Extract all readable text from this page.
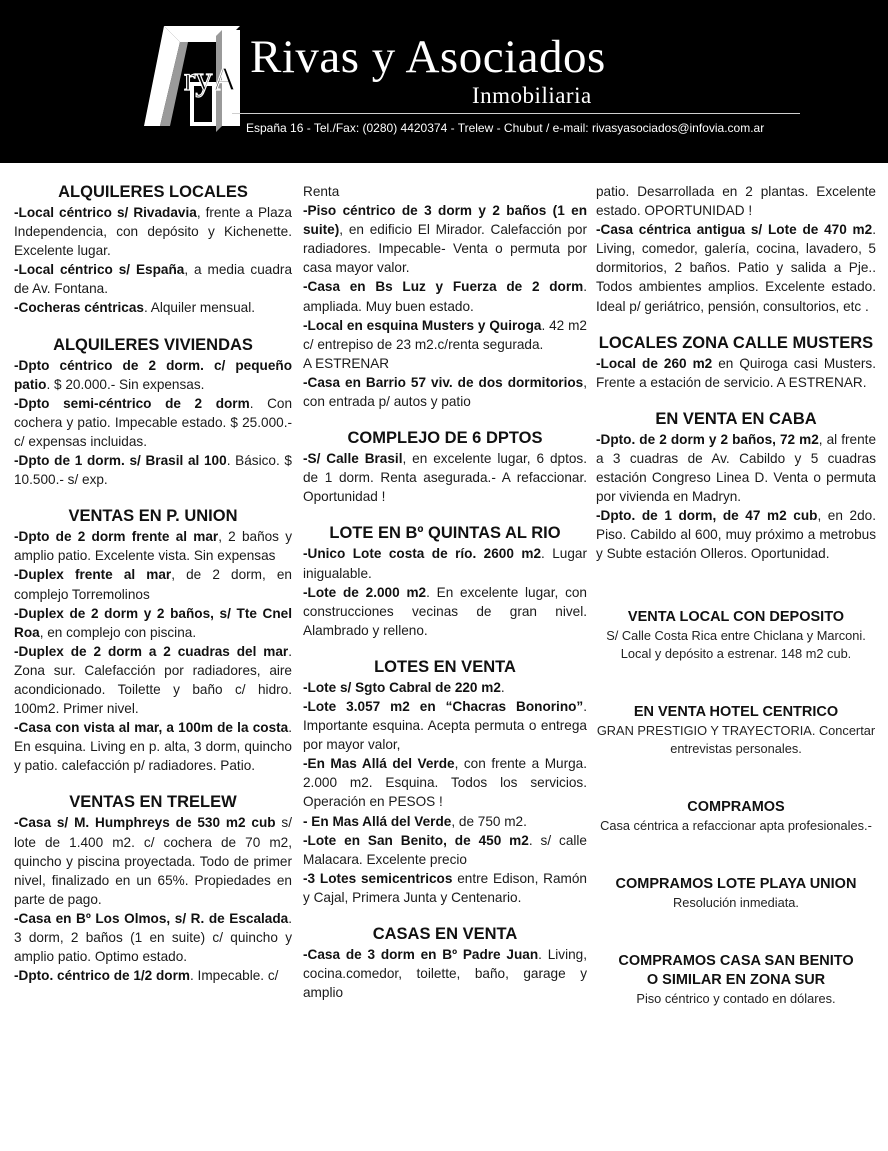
ryA Rivas y Asociados
Inmobiliaria
España 16 - Tel./Fax: (0280) 4420374 - Trelew - Chubut / e-mail: rivasyasociados@infovia.com.ar
ALQUILERES LOCALES

-Local céntrico s/ Rivadavia, frente a Plaza Independencia, con depósito y Kichenette. Excelente lugar.

-Local céntrico s/ España, a media cuadra de Av. Fontana.

-Cocheras céntricas. Alquiler mensual.

ALQUILERES VIVIENDAS

-Dpto céntrico de 2 dorm. c/ pequeño patio. $ 20.000.- Sin expensas.

-Dpto semi-céntrico de 2 dorm. Con cochera y patio. Impecable estado. $ 25.000.- c/ expensas incluidas.

-Dpto de 1 dorm. s/ Brasil al 100. Básico. $ 10.500.- s/ exp.

VENTAS EN P. UNION

-Dpto de 2 dorm frente al mar, 2 baños y amplio patio. Excelente vista. Sin expensas

-Duplex frente al mar, de 2 dorm, en complejo Torremolinos

-Duplex de 2 dorm y 2 baños, s/ Tte Cnel Roa, en complejo con piscina.

-Duplex de 2 dorm a 2 cuadras del mar. Zona sur. Calefacción por radiadores, aire acondicionado. Toilette y baño c/ hidro. 100m2. Primer nivel.

-Casa con vista al mar, a 100m de la costa. En esquina. Living en p. alta, 3 dorm, quincho y patio. calefacción p/ radiadores. Patio.

VENTAS EN TRELEW

-Casa s/ M. Humphreys de 530 m2 cub s/ lote de 1.400 m2. c/ cochera de 70 m2, quincho y piscina proyectada. Todo de primer nivel, finalizado en un 65%. Propiedades en parte de pago.

-Casa en Bº Los Olmos, s/ R. de Escalada. 3 dorm, 2 baños (1 en suite) c/ quincho y amplio patio. Optimo estado.

-Dpto. céntrico de 1/2 dorm. Impecable. c/

Renta

-Piso céntrico de 3 dorm y 2 baños (1 en suite), en edificio El Mirador. Calefacción por radiadores. Impecable- Venta o permuta por casa mayor valor.

-Casa en Bs Luz y Fuerza de 2 dorm. ampliada. Muy buen estado.

-Local en esquina Musters y Quiroga. 42 m2 c/ entrepiso de 23 m2.c/renta segurada.

A ESTRENAR

-Casa en Barrio 57 viv. de dos dormitorios, con entrada p/ autos y patio

COMPLEJO DE 6 DPTOS

-S/ Calle Brasil, en excelente lugar, 6 dptos. de 1 dorm. Renta asegurada.- A refaccionar. Oportunidad !

LOTE EN Bº QUINTAS AL RIO

-Unico Lote costa de río. 2600 m2. Lugar inigualable.

-Lote de 2.000 m2. En excelente lugar, con construcciones vecinas de gran nivel. Alambrado y relleno.

LOTES EN VENTA

-Lote s/ Sgto Cabral de 220 m2.

-Lote 3.057 m2 en “Chacras Bonorino”. Importante esquina. Acepta permuta o entrega por mayor valor,

-En Mas Allá del Verde, con frente a Murga. 2.000 m2. Esquina. Todos los servicios. Operación en PESOS !

- En Mas Allá del Verde, de 750 m2.

-Lote en San Benito, de 450 m2. s/ calle Malacara. Excelente precio

-3 Lotes semicentricos entre Edison, Ramón y Cajal, Primera Junta y Centenario.

CASAS EN VENTA

-Casa de 3 dorm en Bº Padre Juan. Living, cocina.comedor, toilette, baño, garage y amplio

patio. Desarrollada en 2 plantas. Excelente estado. OPORTUNIDAD !

-Casa céntrica antigua s/ Lote de 470 m2. Living, comedor, galería, cocina, lavadero, 5 dormitorios, 2 baños. Patio y salida a Pje.. Todos ambientes amplios. Excelente estado. Ideal p/ geriátrico, pensión, consultorios, etc .

LOCALES ZONA CALLE MUSTERS

-Local de 260 m2 en Quiroga casi Musters. Frente a estación de servicio. A ESTRENAR.

EN VENTA EN CABA

-Dpto. de 2 dorm y 2 baños, 72 m2, al frente a 3 cuadras de Av. Cabildo y 5 cuadras estación Congreso Linea D. Venta o permuta por vivienda en Madryn.

-Dpto. de 1 dorm, de 47 m2 cub, en 2do. Piso. Cabildo al 600, muy próximo a metrobus y Subte estación Olleros. Oportunidad.

VENTA LOCAL CON DEPOSITO

S/ Calle Costa Rica entre Chiclana y Marconi.

Local y depósito a estrenar. 148 m2 cub.

EN VENTA HOTEL CENTRICO

GRAN PRESTIGIO Y TRAYECTORIA. Concertar

entrevistas personales.

COMPRAMOS

Casa céntrica a refaccionar apta profesionales.-

COMPRAMOS LOTE PLAYA UNION

Resolución inmediata.

COMPRAMOS CASA SAN BENITO
O SIMILAR EN ZONA SUR

Piso céntrico y contado en dólares.
